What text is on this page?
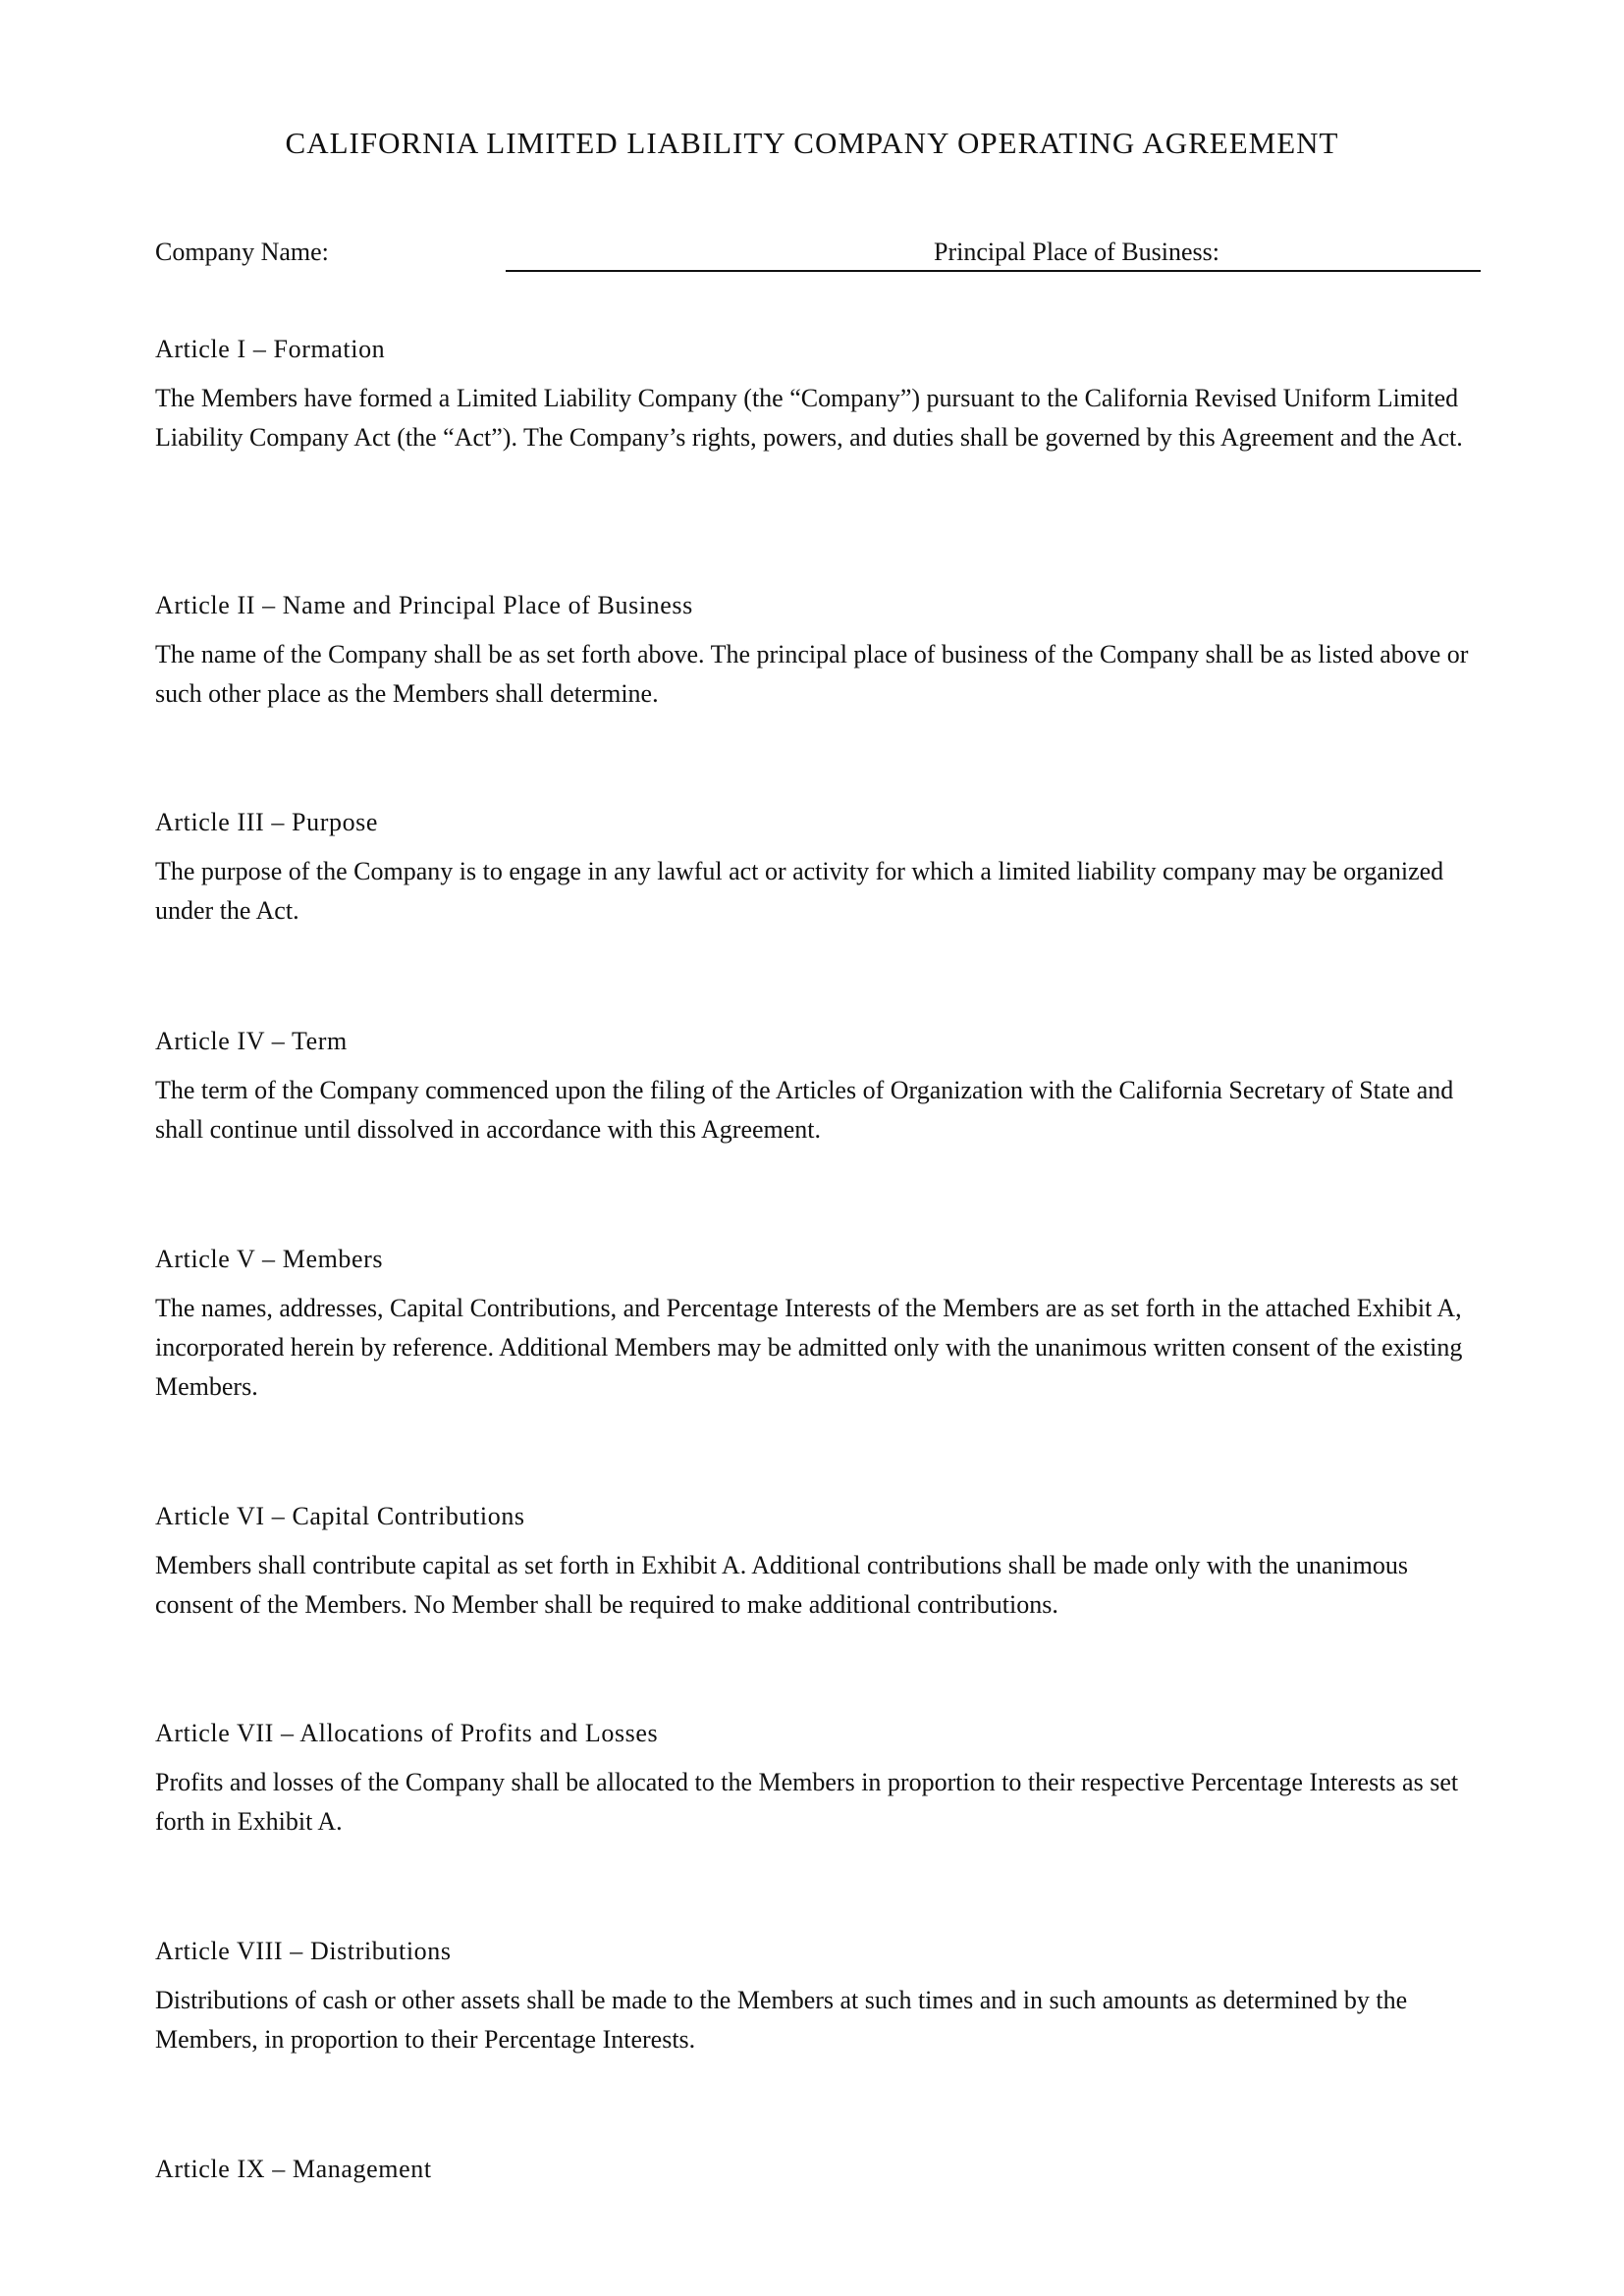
CALIFORNIA LIMITED LIABILITY COMPANY OPERATING AGREEMENT
Company Name:	Principal Place of Business:
Article I – Formation

The Members have formed a Limited Liability Company (the “Company”) pursuant to the California Revised Uniform Limited Liability Company Act (the “Act”). The Company’s rights, powers, and duties shall be governed by this Agreement and the Act.

Article II – Name and Principal Place of Business

The name of the Company shall be as set forth above. The principal place of business of the Company shall be as listed above or such other place as the Members shall determine.

Article III – Purpose

The purpose of the Company is to engage in any lawful act or activity for which a limited liability company may be organized under the Act.

Article IV – Term

The term of the Company commenced upon the filing of the Articles of Organization with the California Secretary of State and shall continue until dissolved in accordance with this Agreement.

Article V – Members

The names, addresses, Capital Contributions, and Percentage Interests of the Members are as set forth in the attached Exhibit A, incorporated herein by reference. Additional Members may be admitted only with the unanimous written consent of the existing Members.

Article VI – Capital Contributions

Members shall contribute capital as set forth in Exhibit A. Additional contributions shall be made only with the unanimous consent of the Members. No Member shall be required to make additional contributions.

Article VII – Allocations of Profits and Losses

Profits and losses of the Company shall be allocated to the Members in proportion to their respective Percentage Interests as set forth in Exhibit A.

Article VIII – Distributions

Distributions of cash or other assets shall be made to the Members at such times and in such amounts as determined by the Members, in proportion to their Percentage Interests.

Article IX – Management
